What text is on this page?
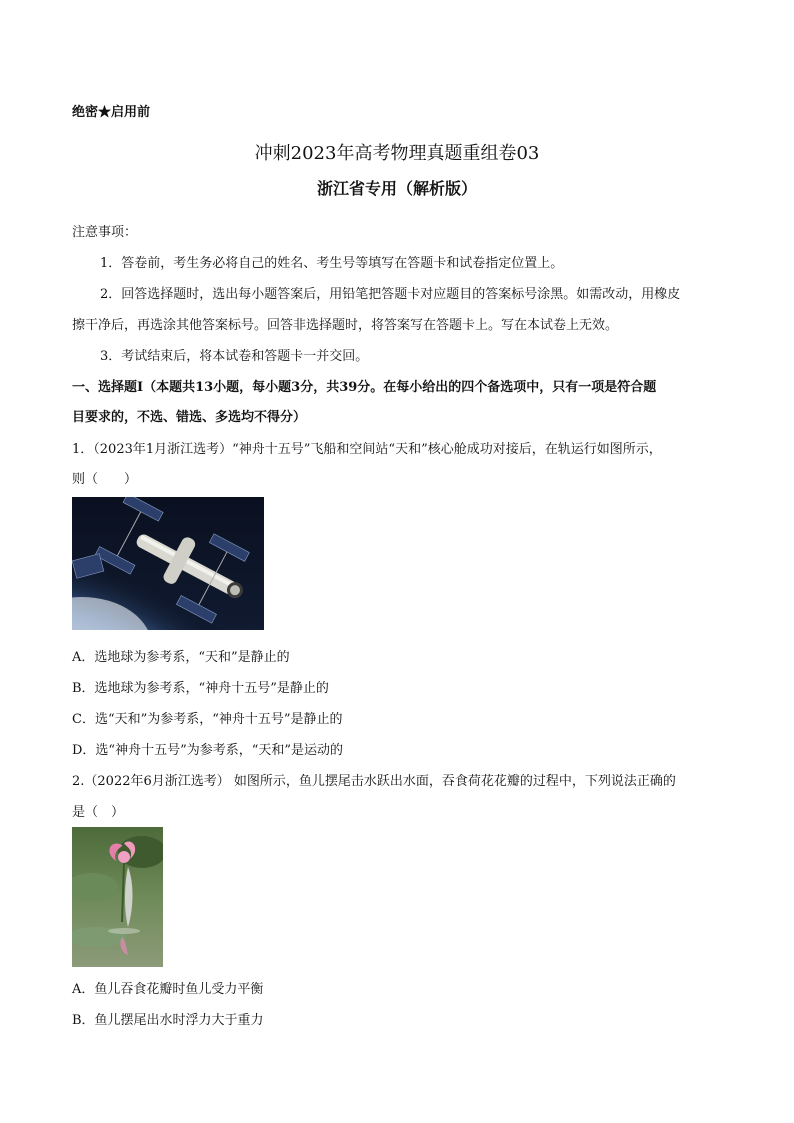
绝密★启用前
冲刺2023年高考物理真题重组卷03
浙江省专用（解析版）
注意事项：
1．答卷前，考生务必将自己的姓名、考生号等填写在答题卡和试卷指定位置上。
2．回答选择题时，选出每小题答案后，用铅笔把答题卡对应题目的答案标号涂黑。如需改动，用橡皮
擦干净后，再选涂其他答案标号。回答非选择题时，将答案写在答题卡上。写在本试卷上无效。
3．考试结束后，将本试卷和答题卡一并交回。
一、选择题Ⅰ（本题共13小题，每小题3分，共39分。在每小给出的四个备选项中，只有一项是符合题
目要求的，不选、错选、多选均不得分）
1．（2023年1月浙江选考）“神舟十五号”飞船和空间站“天和”核心舱成功对接后，在轨运行如图所示，
则（　　）
A．选地球为参考系，“天和”是静止的
B．选地球为参考系，“神舟十五号”是静止的
C．选“天和”为参考系，“神舟十五号”是静止的
D．选“神舟十五号”为参考系，“天和”是运动的
2.（2022年6月浙江选考） 如图所示，鱼儿摆尾击水跃出水面，吞食荷花花瓣的过程中，下列说法正确的
是（　）
A．鱼儿吞食花瓣时鱼儿受力平衡
B．鱼儿摆尾出水时浮力大于重力
